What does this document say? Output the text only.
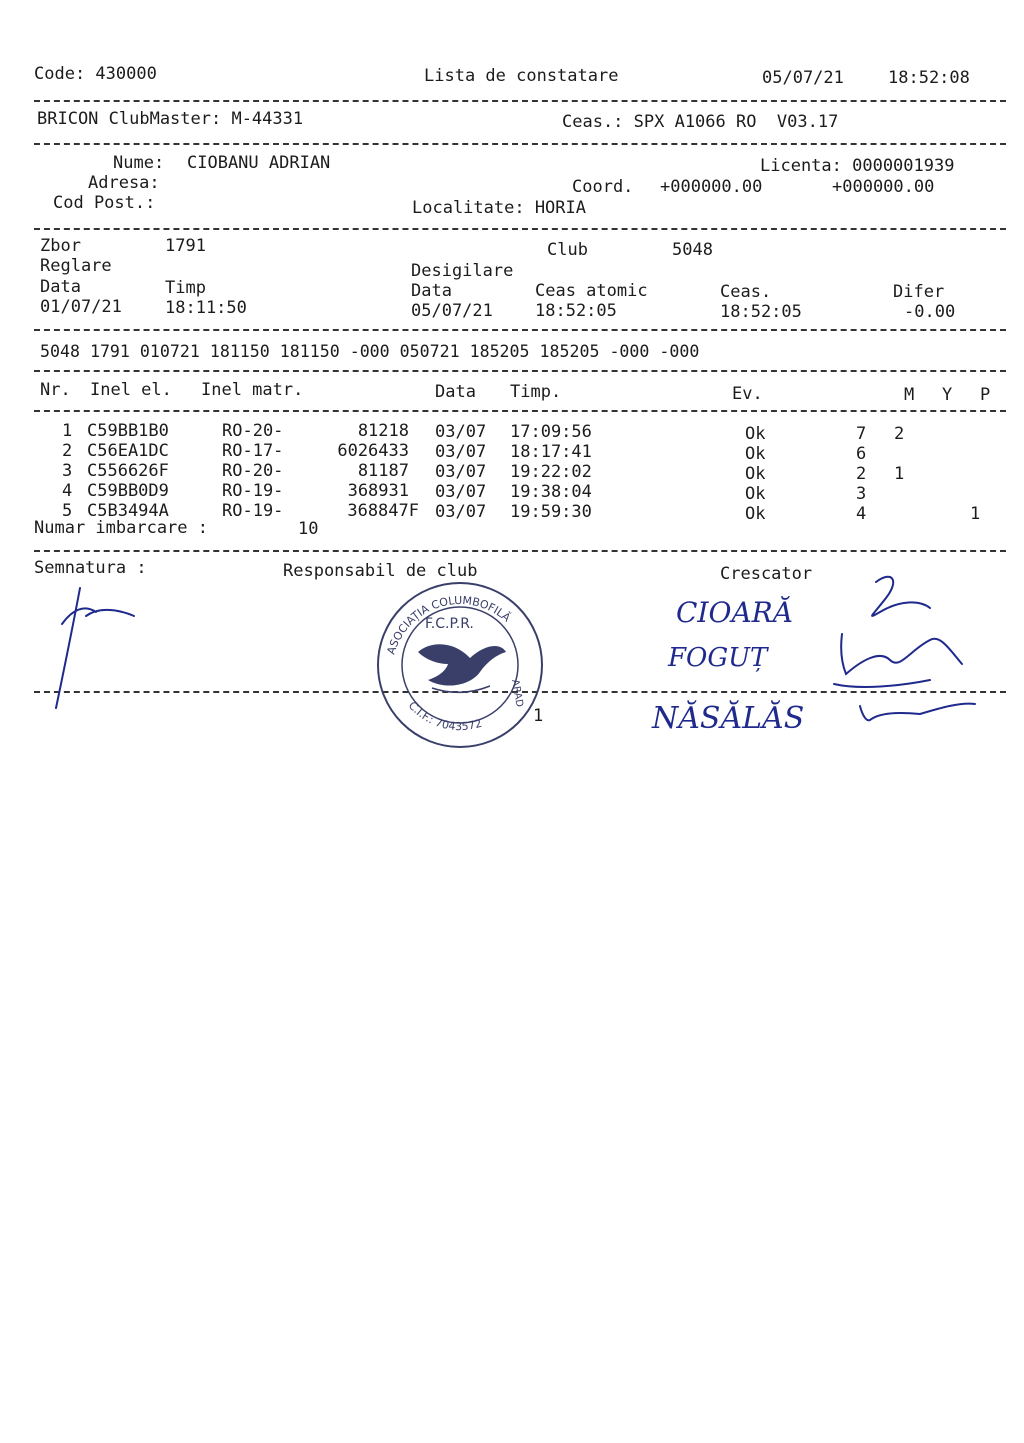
Code: 430000	Lista de constatare	05/07/21	18:52:08
BRICON ClubMaster: M-44331	Ceas.: SPX A1066 RO  V03.17
Nume: CIOBANU ADRIAN	Licenta: 0000001939
Adresa:	Coord. +000000.00	+000000.00
Cod Post.:	Localitate: HORIA
Zbor	1791	Club	5048
Reglare	Desigilare
Data	Timp	Data	Ceas atomic	Ceas.	Difer
01/07/21	18:11:50	05/07/21 18:52:05	18:52:05	-0.00
5048 1791 010721 181150 181150 -000 050721 185205 185205 -000 -000
Nr. Inel el. Inel matr.	Data Timp.	Ev.	M Y P
1 C59BB1B0	RO-20-	81218 03/07 17:09:56	Ok	7 2
2 C56EA1DC	RO-17-	6026433 03/07 18:17:41	Ok	6
3 C556626F	RO-20-	81187 03/07 19:22:02	Ok	2 1
4 C59BB0D9	RO-19-	368931 03/07 19:38:04	Ok	3
5 C5B3494A	RO-19-	368847F 03/07 19:59:30	Ok	4	1
Numar imbarcare :	10
Semnatura :	Responsabil de club	Crescator
1
ASOCIAȚIA COLUMBOFILĂ
F.C.P.R.
ARAD
C.I.F.: 7043572
CIOARĂ
FOGUȚ
NĂSĂLĂS
